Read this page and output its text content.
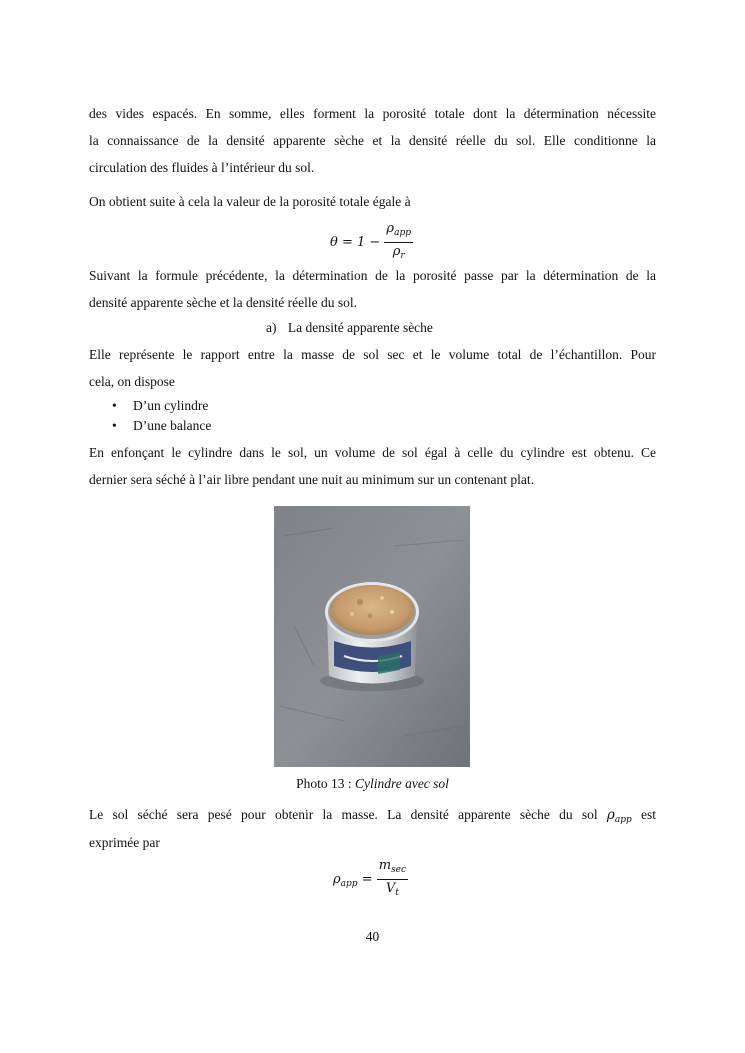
des vides espacés. En somme, elles forment la porosité totale dont la détermination nécessite
la connaissance de la densité apparente sèche et la densité réelle du sol. Elle conditionne la
circulation des fluides à l’intérieur du sol.

On obtient suite à cela la valeur de la porosité totale égale à

$\theta = 1 - \frac{\rho_{app}}{\rho_r}$

Suivant la formule précédente, la détermination de la porosité passe par la détermination de la
densité apparente sèche et la densité réelle du sol.

a) La densité apparente sèche

Elle représente le rapport entre la masse de sol sec et le volume total de l’échantillon. Pour
cela, on dispose

• D’un cylindre
• D’une balance

En enfonçant le cylindre dans le sol, un volume de sol égal à celle du cylindre est obtenu. Ce
dernier sera séché à l’air libre pendant une nuit au minimum sur un contenant plat.

Photo 13 : Cylindre avec sol
Le sol séché sera pesé pour obtenir la masse. La densité apparente sèche du sol $\rho_{app}$ est
exprimée par
$\rho_{app} = \frac{m_{sec}}{V_t}$
40
